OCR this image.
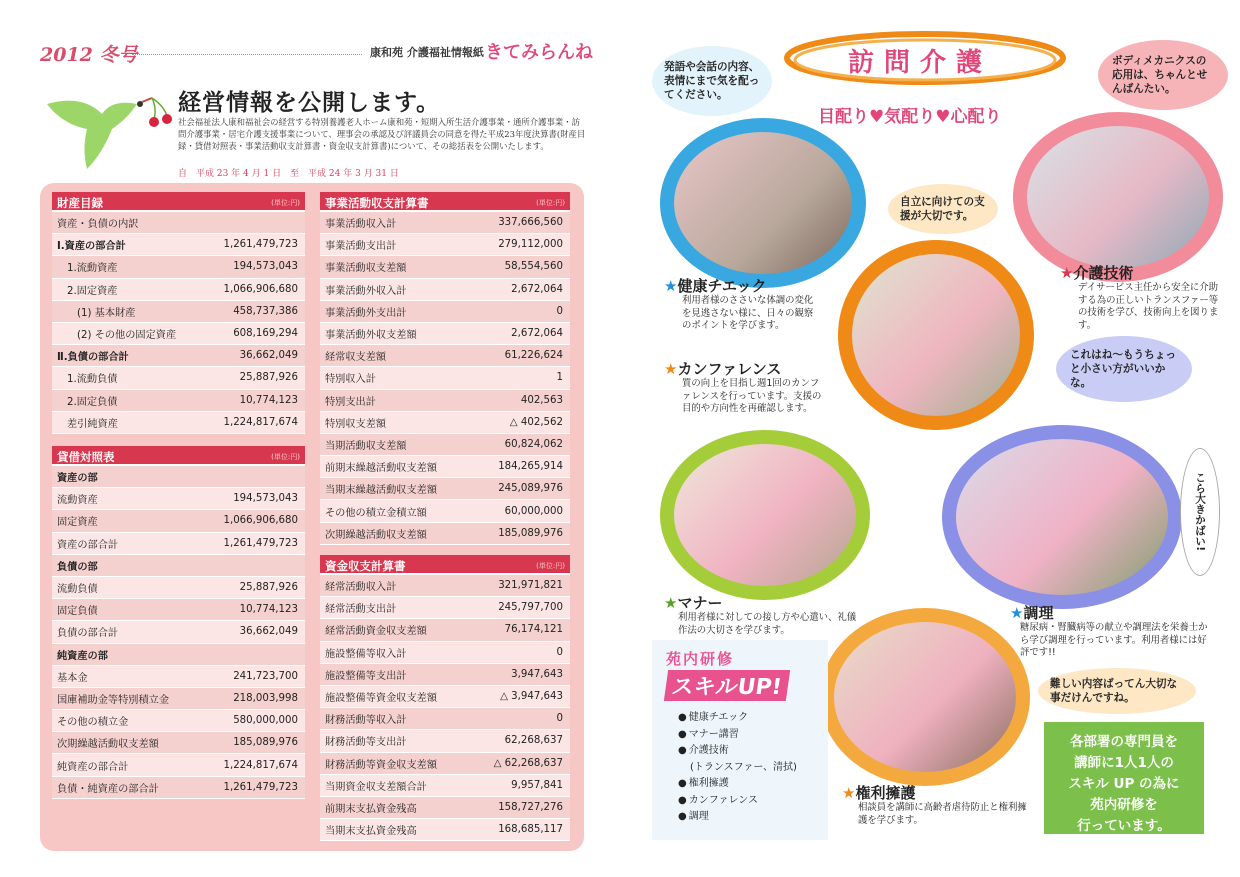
2012 冬号	康和苑 介護福祉情報紙 きてみらんね
経営情報を公開します。
社会福祉法人康和福祉会の経営する特別養護老人ホーム康和苑・短期入所生活介護事業・通所介護事業・訪問介護事業・居宅介護支援事業について、理事会の承認及び評議員会の同意を得た平成23年度決算書(財産目録・貸借対照表・事業活動収支計算書・資金収支計算書)について、その総括表を公開いたします。
自　平成 23 年 4 月 1 日　至　平成 24 年 3 月 31 日
財産目録	(単位:円)
資産・負債の内訳
Ⅰ.資産の部合計	1,261,479,723
1.流動資産	194,573,043
2.固定資産	1,066,906,680
(1) 基本財産	458,737,386
(2) その他の固定資産	608,169,294
Ⅱ.負債の部合計	36,662,049
1.流動負債	25,887,926
2.固定負債	10,774,123
差引純資産	1,224,817,674
貸借対照表	(単位:円)
資産の部
流動資産	194,573,043
固定資産	1,066,906,680
資産の部合計	1,261,479,723
負債の部
流動負債	25,887,926
固定負債	10,774,123
負債の部合計	36,662,049
純資産の部
基本金	241,723,700
国庫補助金等特別積立金	218,003,998
その他の積立金	580,000,000
次期繰越活動収支差額	185,089,976
純資産の部合計	1,224,817,674
負債・純資産の部合計	1,261,479,723
事業活動収支計算書	(単位:円)
事業活動収入計	337,666,560
事業活動支出計	279,112,000
事業活動収支差額	58,554,560
事業活動外収入計	2,672,064
事業活動外支出計	0
事業活動外収支差額	2,672,064
経常収支差額	61,226,624
特別収入計	1
特別支出計	402,563
特別収支差額	△ 402,562
当期活動収支差額	60,824,062
前期末繰越活動収支差額	184,265,914
当期末繰越活動収支差額	245,089,976
その他の積立金積立額	60,000,000
次期繰越活動収支差額	185,089,976
資金収支計算書	(単位:円)
経常活動収入計	321,971,821
経常活動支出計	245,797,700
経常活動資金収支差額	76,174,121
施設整備等収入計	0
施設整備等支出計	3,947,643
施設整備等資金収支差額	△ 3,947,643
財務活動等収入計	0
財務活動等支出計	62,268,637
財務活動等資金収支差額	△ 62,268,637
当期資金収支差額合計	9,957,841
前期末支払資金残高	158,727,276
当期末支払資金残高	168,685,117
訪問介護
目配り♥気配り♥心配り
発語や会話の内容、表情にまで気を配ってください。
ボディメカニクスの応用は、ちゃんとせんばんたい。
自立に向けての支援が大切です。
これはね～もうちょっと小さい方がいいかな。
こら大きかばい!
難しい内容ばってん大切な事だけんですね。
★健康チエック
利用者様のささいな体調の変化を見逃さない様に、日々の観察のポイントを学びます。
★介護技術
デイサービス主任から安全に介助する為の正しいトランスファー等の技術を学び、技術向上を図ります。
★カンファレンス
質の向上を目指し週1回のカンファレンスを行っています。支援の目的や方向性を再確認します。
★マナー
利用者様に対しての接し方や心遣い、礼儀作法の大切さを学びます。
★調理
糖尿病・腎臓病等の献立や調理法を栄養士から学び調理を行っています。利用者様には好評です!!
★権利擁護
相談員を講師に高齢者虐待防止と権利擁護を学びます。
苑内研修
スキルUP!
● 健康チエック
● マナー講習
● 介護技術
(トランスファー、清拭)
● 権利擁護
● カンファレンス
● 調理
各部署の専門員を
講師に1人1人の
スキル UP の為に
苑内研修を
行っています。
